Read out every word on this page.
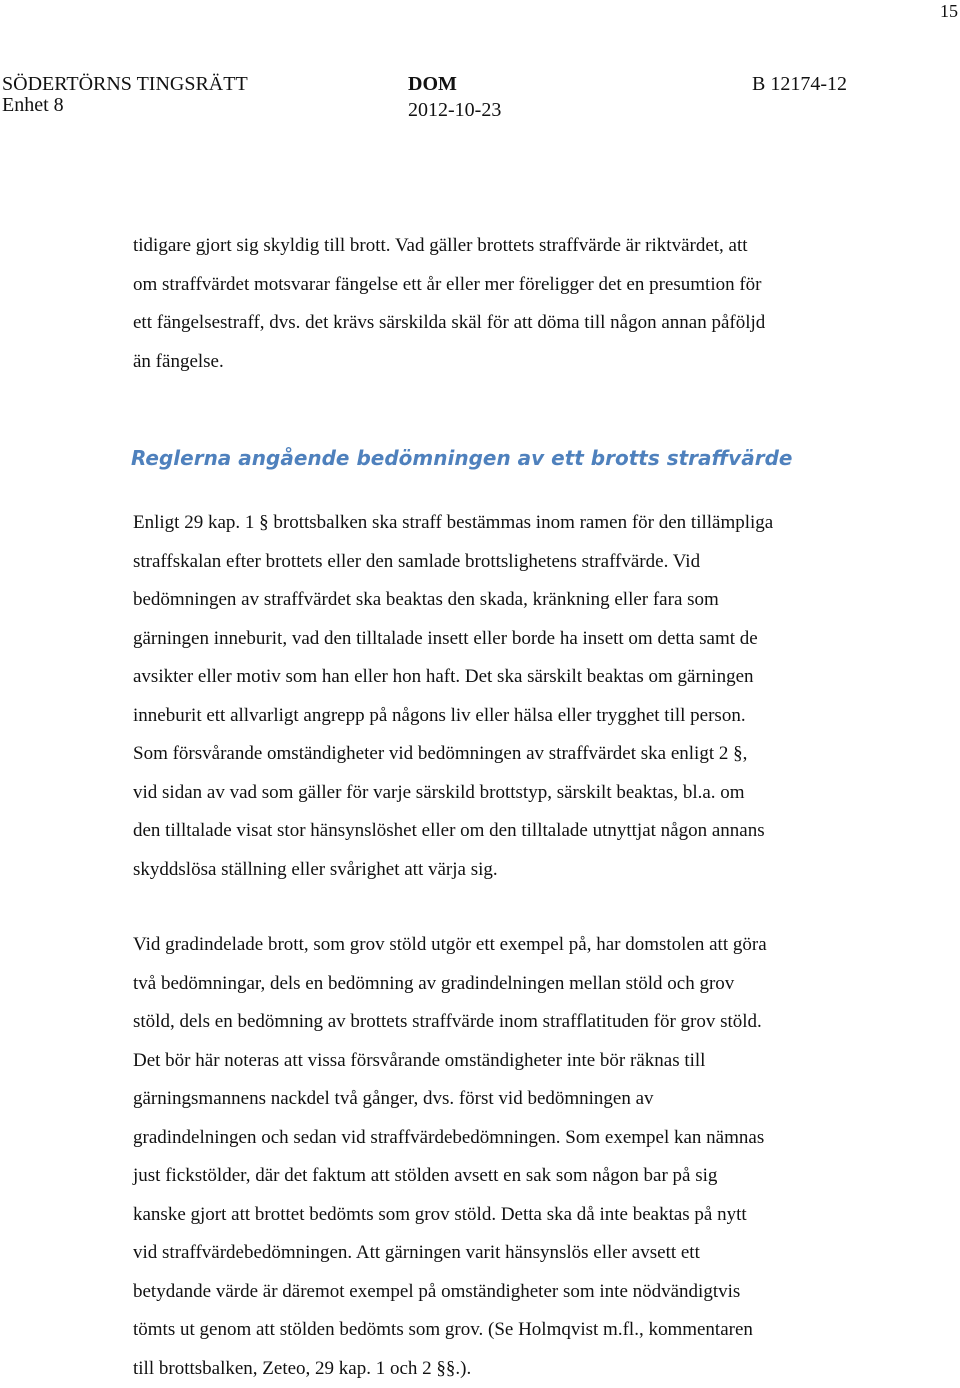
15
SÖDERTÖRNS TINGSRÄTT
Enhet 8
DOM
2012-10-23
B 12174-12
tidigare gjort sig skyldig till brott. Vad gäller brottets straffvärde är riktvärdet, att
om straffvärdet motsvarar fängelse ett år eller mer föreligger det en presumtion för
ett fängelsestraff, dvs. det krävs särskilda skäl för att döma till någon annan påföljd
än fängelse.
Reglerna angående bedömningen av ett brotts straffvärde
Enligt 29 kap. 1 § brottsbalken ska straff bestämmas inom ramen för den tillämpliga
straffskalan efter brottets eller den samlade brottslighetens straffvärde. Vid
bedömningen av straffvärdet ska beaktas den skada, kränkning eller fara som
gärningen inneburit, vad den tilltalade insett eller borde ha insett om detta samt de
avsikter eller motiv som han eller hon haft. Det ska särskilt beaktas om gärningen
inneburit ett allvarligt angrepp på någons liv eller hälsa eller trygghet till person.
Som försvårande omständigheter vid bedömningen av straffvärdet ska enligt 2 §,
vid sidan av vad som gäller för varje särskild brottstyp, särskilt beaktas, bl.a. om
den tilltalade visat stor hänsynslöshet eller om den tilltalade utnyttjat någon annans
skyddslösa ställning eller svårighet att värja sig.
Vid gradindelade brott, som grov stöld utgör ett exempel på, har domstolen att göra
två bedömningar, dels en bedömning av gradindelningen mellan stöld och grov
stöld, dels en bedömning av brottets straffvärde inom strafflatituden för grov stöld.
Det bör här noteras att vissa försvårande omständigheter inte bör räknas till
gärningsmannens nackdel två gånger, dvs. först vid bedömningen av
gradindelningen och sedan vid straffvärdebedömningen. Som exempel kan nämnas
just fickstölder, där det faktum att stölden avsett en sak som någon bar på sig
kanske gjort att brottet bedömts som grov stöld. Detta ska då inte beaktas på nytt
vid straffvärdebedömningen. Att gärningen varit hänsynslös eller avsett ett
betydande värde är däremot exempel på omständigheter som inte nödvändigtvis
tömts ut genom att stölden bedömts som grov. (Se Holmqvist m.fl., kommentaren
till brottsbalken, Zeteo, 29 kap. 1 och 2 §§.).
